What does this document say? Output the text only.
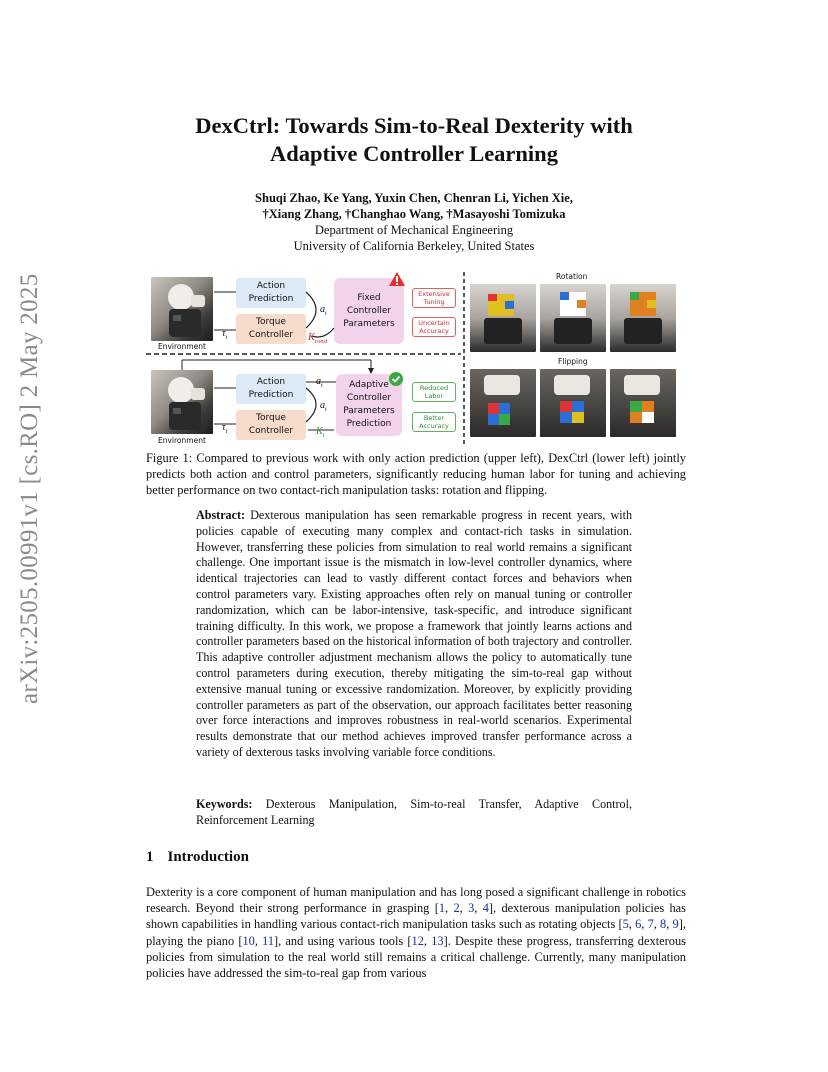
arXiv:2505.00991v1 [cs.RO] 2 May 2025
DexCtrl: Towards Sim-to-Real Dexterity with
Adaptive Controller Learning
Shuqi Zhao, Ke Yang, Yuxin Chen, Chenran Li, Yichen Xie,
†Xiang Zhang, †Changhao Wang, †Masayoshi Tomizuka
Department of Mechanical Engineering
University of California Berkeley, United States
Environment
Action Prediction
Torque Controller
Fixed Controller Parameters
Extensive Tuning
Uncertain Accuracy
$a_t$
$K_{const}$
$\tau_t$
Environment
Action Prediction
Torque Controller
Adaptive Controller Parameters Prediction
Reduced Labor
Better Accuracy
$a_t$
$a_t$
$K_t$
$\tau_t$
Rotation
Flipping
Figure 1: Compared to previous work with only action prediction (upper left), DexCtrl (lower left) jointly predicts both action and control parameters, significantly reducing human labor for tuning and achieving better performance on two contact-rich manipulation tasks: rotation and flipping.
Abstract: Dexterous manipulation has seen remarkable progress in recent years, with policies capable of executing many complex and contact-rich tasks in simulation. However, transferring these policies from simulation to real world remains a significant challenge. One important issue is the mismatch in low-level controller dynamics, where identical trajectories can lead to vastly different contact forces and behaviors when control parameters vary. Existing approaches often rely on manual tuning or controller randomization, which can be labor-intensive, task-specific, and introduce significant training difficulty. In this work, we propose a framework that jointly learns actions and controller parameters based on the historical information of both trajectory and controller. This adaptive controller adjustment mechanism allows the policy to automatically tune control parameters during execution, thereby mitigating the sim-to-real gap without extensive manual tuning or excessive randomization. Moreover, by explicitly providing controller parameters as part of the observation, our approach facilitates better reasoning over force interactions and improves robustness in real-world scenarios. Experimental results demonstrate that our method achieves improved transfer performance across a variety of dexterous tasks involving variable force conditions.
Keywords: Dexterous Manipulation, Sim-to-real Transfer, Adaptive Control, Reinforcement Learning
1 Introduction
Dexterity is a core component of human manipulation and has long posed a significant challenge in robotics research. Beyond their strong performance in grasping [1, 2, 3, 4], dexterous manipulation policies has shown capabilities in handling various contact-rich manipulation tasks such as rotating objects [5, 6, 7, 8, 9], playing the piano [10, 11], and using various tools [12, 13]. Despite these progress, transferring dexterous policies from simulation to the real world still remains a critical challenge. Currently, many manipulation policies have addressed the sim-to-real gap from various
